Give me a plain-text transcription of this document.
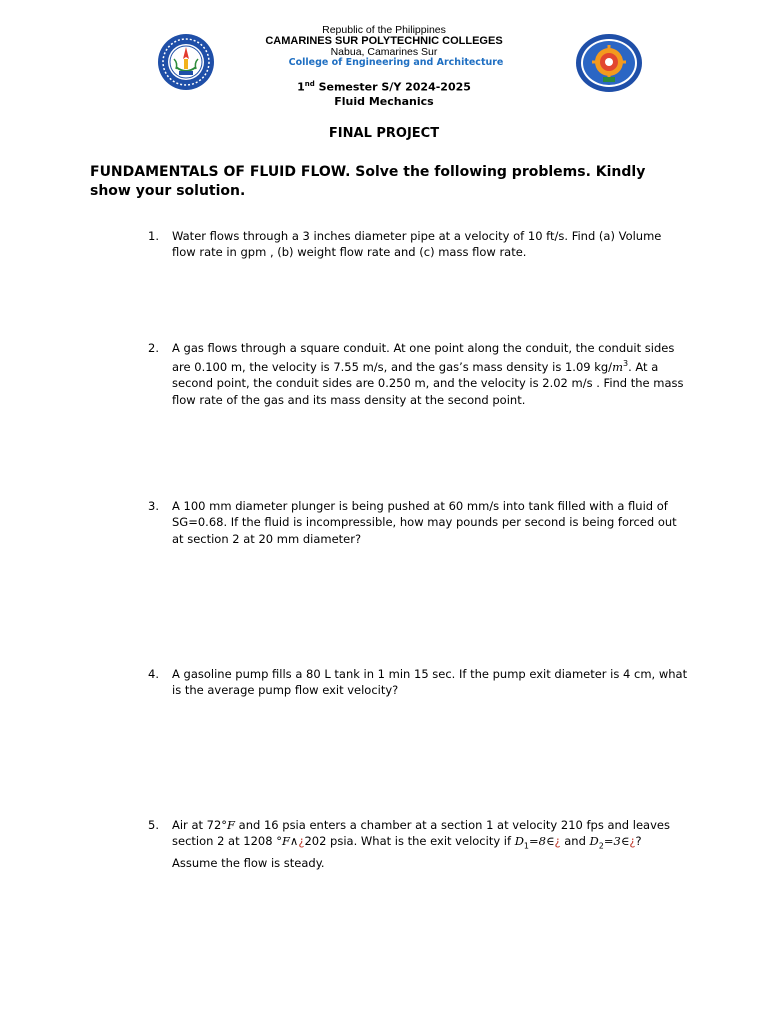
Republic of the Philippines
CAMARINES SUR POLYTECHNIC COLLEGES
Nabua, Camarines Sur
College of Engineering and Architecture
1nd Semester S/Y 2024-2025
Fluid Mechanics
FINAL PROJECT
FUNDAMENTALS OF FLUID FLOW. Solve the following problems. Kindly show your solution.
1.	Water flows through a 3 inches diameter pipe at a velocity of 10 ft/s. Find (a) Volume flow rate in gpm , (b) weight flow rate and (c) mass flow rate.
2.	A gas flows through a square conduit. At one point along the conduit, the conduit sides are 0.100 m, the velocity is 7.55 m/s, and the gas’s mass density is 1.09 $kg/m^3$. At a second point, the conduit sides are 0.250 m, and the velocity is 2.02 m/s . Find the mass flow rate of the gas and its mass density at the second point.
3.	A 100 mm diameter plunger is being pushed at 60 mm/s into tank filled with a fluid of SG=0.68. If the fluid is incompressible, how may pounds per second is being forced out at section 2 at 20 mm diameter?
4.	A gasoline pump fills a 80 L tank in 1 min 15 sec. If the pump exit diameter is 4 cm, what is the average pump flow exit velocity?
5.	Air at 72°F and 16 psia enters a chamber at a section 1 at velocity 210 fps and leaves section 2 at 1208 °F∧¿202 psia. What is the exit velocity if $D_1=8\in¿$ and $D_2=3\in¿$? Assume the flow is steady.
